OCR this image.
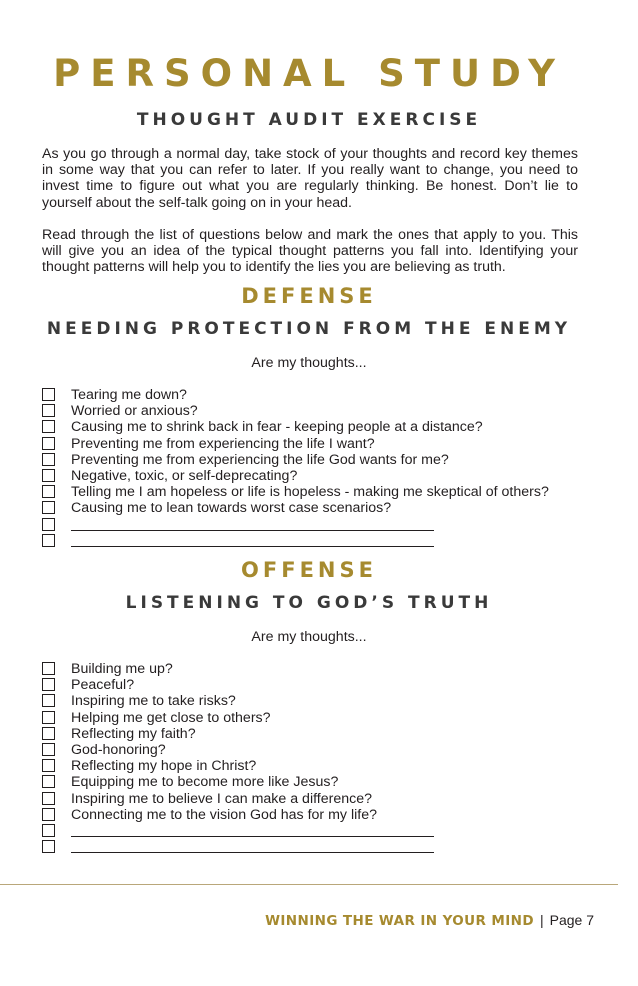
PERSONAL STUDY
THOUGHT AUDIT EXERCISE

As you go through a normal day, take stock of your thoughts and record key themes in some way that you can refer to later. If you really want to change, you need to invest time to figure out what you are regularly thinking. Be honest. Don’t lie to yourself about the self-talk going on in your head.

Read through the list of questions below and mark the ones that apply to you. This will give you an idea of the typical thought patterns you fall into. Identifying your thought patterns will help you to identify the lies you are believing as truth.

DEFENSE
NEEDING PROTECTION FROM THE ENEMY
Are my thoughts...
Tearing me down?
Worried or anxious?
Causing me to shrink back in fear - keeping people at a distance?
Preventing me from experiencing the life I want?
Preventing me from experiencing the life God wants for me?
Negative, toxic, or self-deprecating?
Telling me I am hopeless or life is hopeless - making me skeptical of others?
Causing me to lean towards worst case scenarios?
OFFENSE
LISTENING TO GOD’S TRUTH
Are my thoughts...
Building me up?
Peaceful?
Inspiring me to take risks?
Helping me get close to others?
Reflecting my faith?
God-honoring?
Reflecting my hope in Christ?
Equipping me to become more like Jesus?
Inspiring me to believe I can make a difference?
Connecting me to the vision God has for my life?
WINNING THE WAR IN YOUR MIND | Page 7
